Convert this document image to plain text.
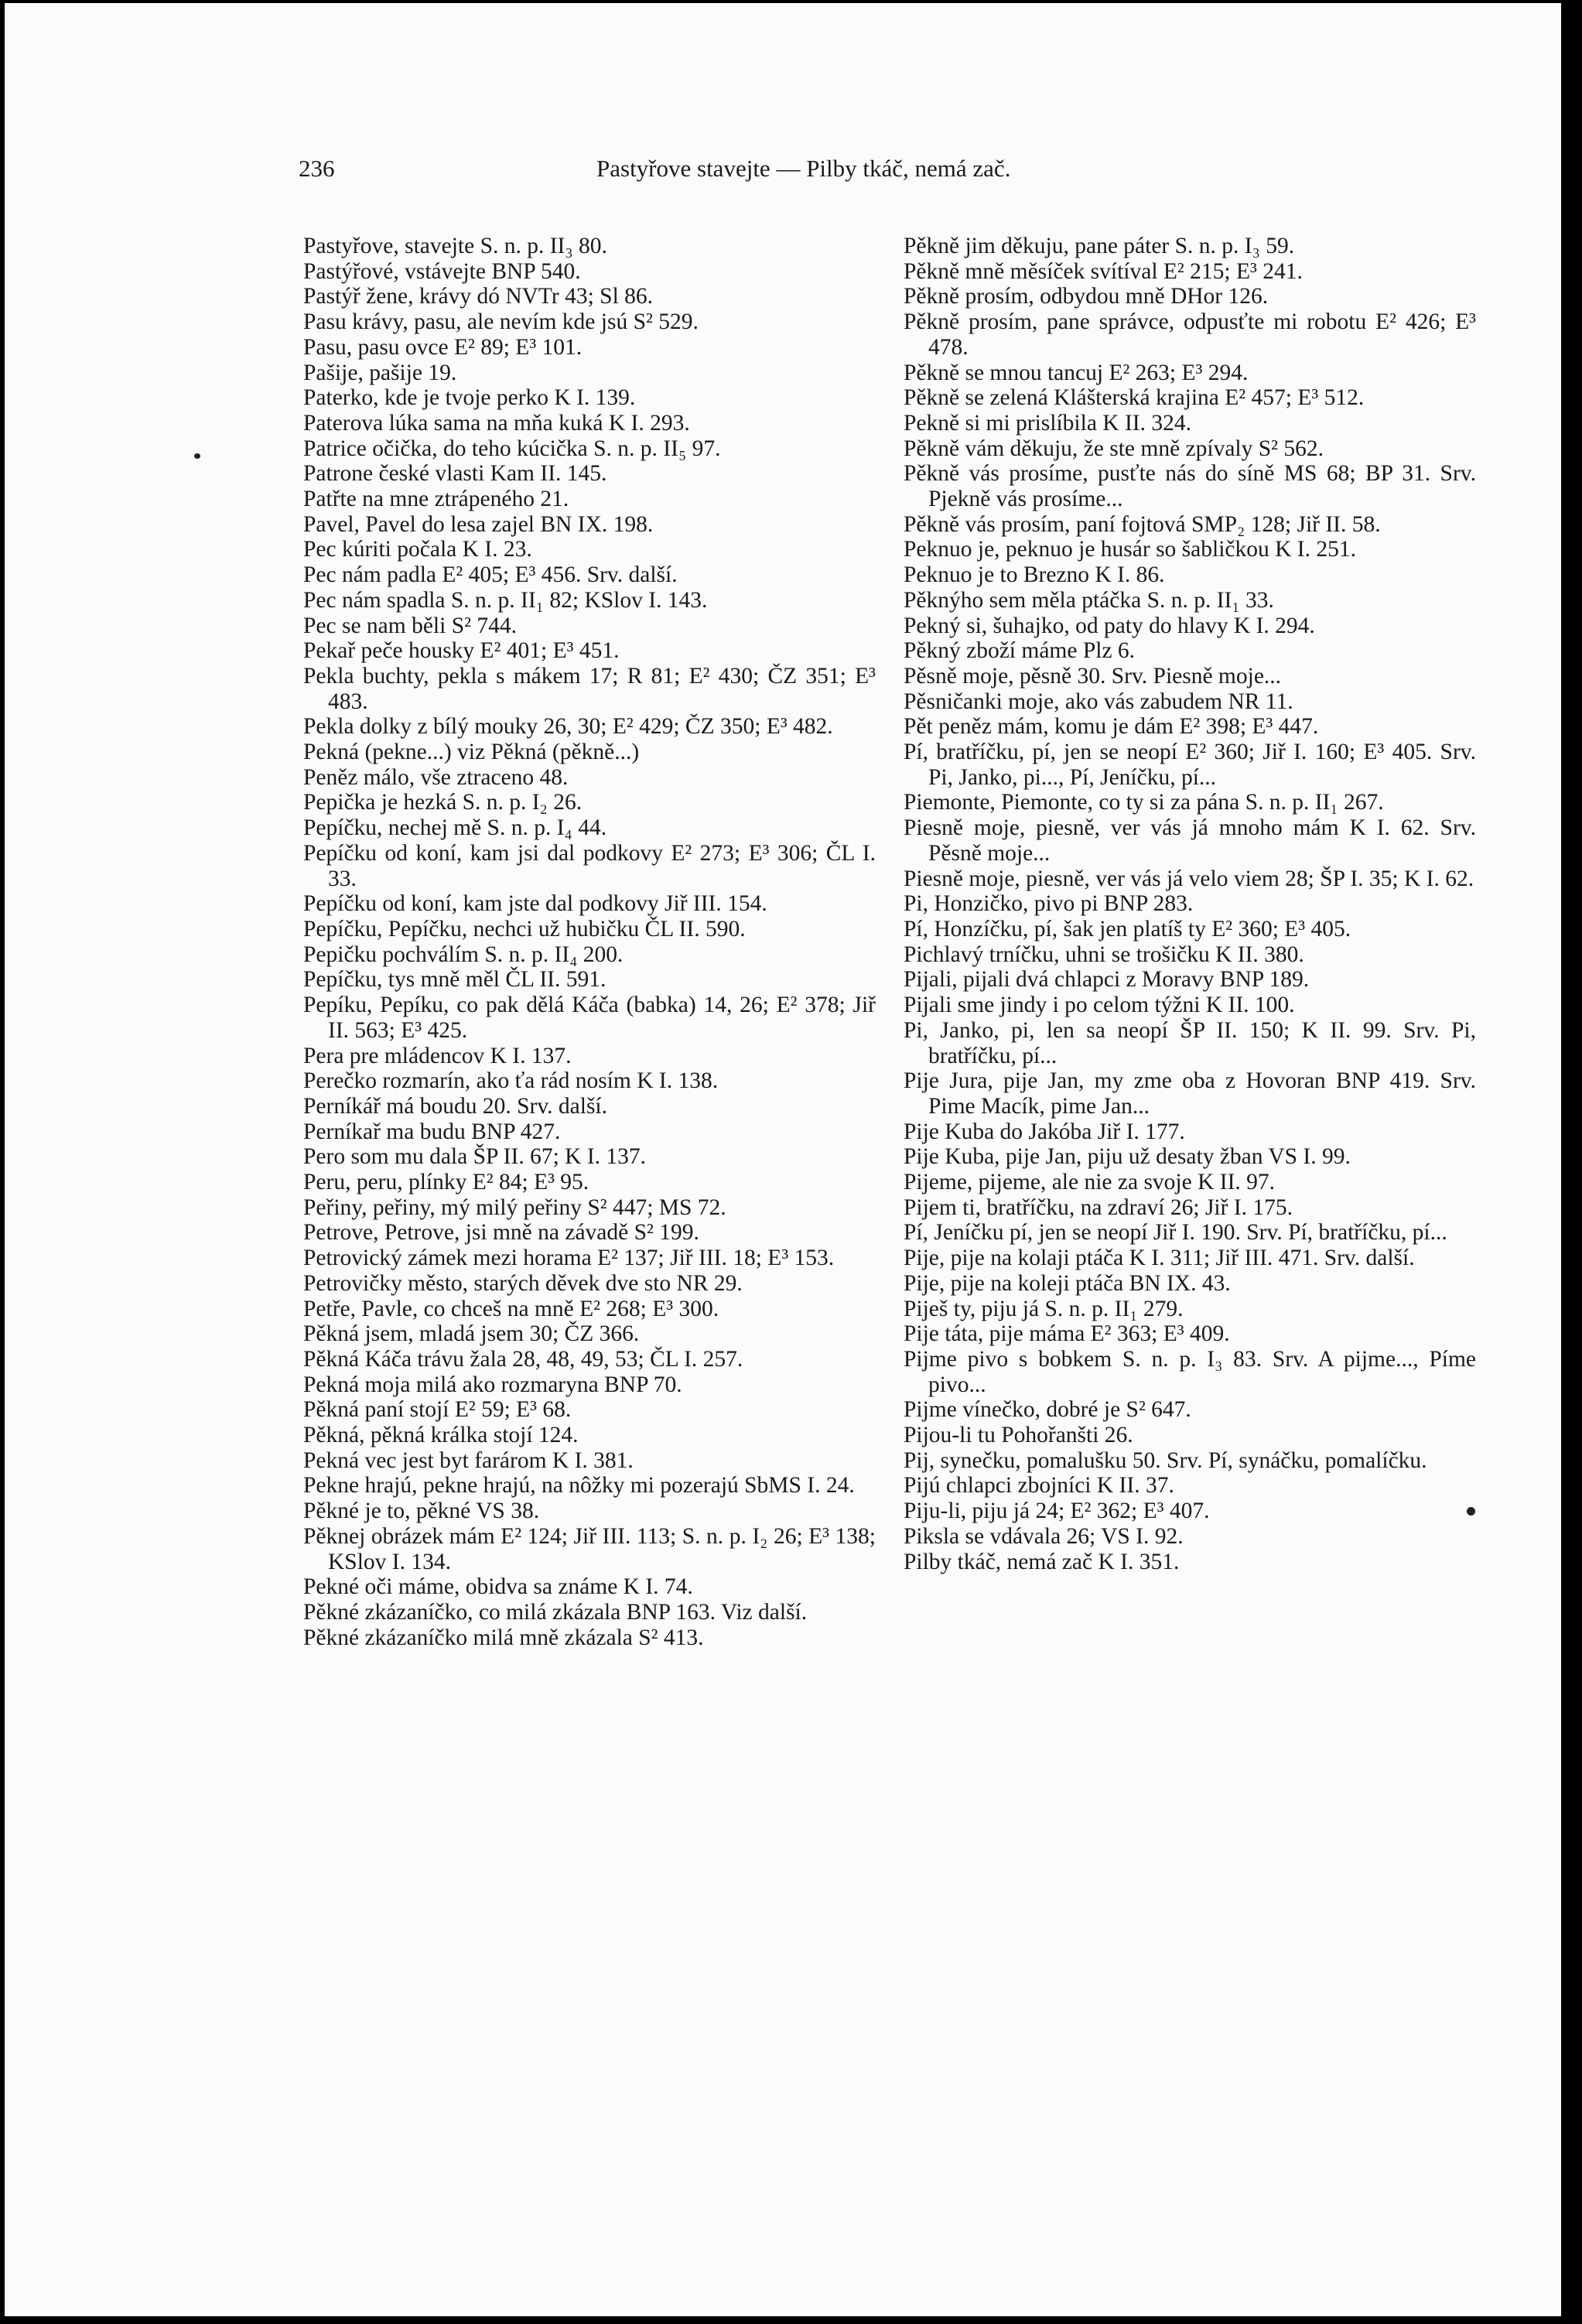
236	Pastyřove stavejte — Pilby tkáč, nemá zač.
Pastyřove, stavejte S. n. p. II₃ 80.
Pastýřové, vstávejte BNP 540.
Pastýř žene, krávy dó NVTr 43; Sl 86.
Pasu krávy, pasu, ale nevím kde jsú S² 529.
Pasu, pasu ovce E² 89; E³ 101.
Pašije, pašije 19.
Paterko, kde je tvoje perko K I. 139.
Paterova lúka sama na mňa kuká K I. 293.
Patrice očička, do teho kúcička S. n. p. II₅ 97.
Patrone české vlasti Kam II. 145.
Patřte na mne ztrápeného 21.
Pavel, Pavel do lesa zajel BN IX. 198.
Pec kúriti počala K I. 23.
Pec nám padla E² 405; E³ 456. Srv. další.
Pec nám spadla S. n. p. II₁ 82; KSlov I. 143.
Pec se nam běli S² 744.
Pekař peče housky E² 401; E³ 451.
Pekla buchty, pekla s mákem 17; R 81; E² 430; ČZ 351; E³ 483.
Pekla dolky z bílý mouky 26, 30; E² 429; ČZ 350; E³ 482.
Pekná (pekne...) viz Pěkná (pěkně...)
Peněz málo, vše ztraceno 48.
Pepička je hezká S. n. p. I₂ 26.
Pepíčku, nechej mě S. n. p. I₄ 44.
Pepíčku od koní, kam jsi dal podkovy E² 273; E³ 306; ČL I. 33.
Pepíčku od koní, kam jste dal podkovy Jiř III. 154.
Pepíčku, Pepíčku, nechci už hubičku ČL II. 590.
Pepičku pochválím S. n. p. II₄ 200.
Pepíčku, tys mně měl ČL II. 591.
Pepíku, Pepíku, co pak dělá Káča (babka) 14, 26; E² 378; Jiř II. 563; E³ 425.
Pera pre mládencov K I. 137.
Perečko rozmarín, ako ťa rád nosím K I. 138.
Perníkář má boudu 20. Srv. další.
Perníkař ma budu BNP 427.
Pero som mu dala ŠP II. 67; K I. 137.
Peru, peru, plínky E² 84; E³ 95.
Peřiny, peřiny, mý milý peřiny S² 447; MS 72.
Petrove, Petrove, jsi mně na závadě S² 199.
Petrovický zámek mezi horama E² 137; Jiř III. 18; E³ 153.
Petrovičky město, starých děvek dve sto NR 29.
Petře, Pavle, co chceš na mně E² 268; E³ 300.
Pěkná jsem, mladá jsem 30; ČZ 366.
Pěkná Káča trávu žala 28, 48, 49, 53; ČL I. 257.
Pekná moja milá ako rozmaryna BNP 70.
Pěkná paní stojí E² 59; E³ 68.
Pěkná, pěkná králka stojí 124.
Pekná vec jest byt farárom K I. 381.
Pekne hrajú, pekne hrajú, na nôžky mi pozerajú SbMS I. 24.
Pěkné je to, pěkné VS 38.
Pěknej obrázek mám E² 124; Jiř III. 113; S. n. p. I₂ 26; E³ 138; KSlov I. 134.
Pekné oči máme, obidva sa známe K I. 74.
Pěkné zkázaníčko, co milá zkázala BNP 163. Viz další.
Pěkné zkázaníčko milá mně zkázala S² 413.
Pěkně jim děkuju, pane páter S. n. p. I₃ 59.
Pěkně mně měsíček svítíval E² 215; E³ 241.
Pěkně prosím, odbydou mně DHor 126.
Pěkně prosím, pane správce, odpusťte mi robotu E² 426; E³ 478.
Pěkně se mnou tancuj E² 263; E³ 294.
Pěkně se zelená Klášterská krajina E² 457; E³ 512.
Pekně si mi prislíbila K II. 324.
Pěkně vám děkuju, že ste mně zpívaly S² 562.
Pěkně vás prosíme, pusťte nás do síně MS 68; BP 31. Srv. Pjekně vás prosíme...
Pěkně vás prosím, paní fojtová SMP₂ 128; Jiř II. 58.
Peknuo je, peknuo je husár so šabličkou K I. 251.
Peknuo je to Brezno K I. 86.
Pěknýho sem měla ptáčka S. n. p. II₁ 33.
Pekný si, šuhajko, od paty do hlavy K I. 294.
Pěkný zboží máme Plz 6.
Pěsně moje, pěsně 30. Srv. Piesně moje...
Pěsničanki moje, ako vás zabudem NR 11.
Pět peněz mám, komu je dám E² 398; E³ 447.
Pí, bratříčku, pí, jen se neopí E² 360; Jiř I. 160; E³ 405. Srv. Pi, Janko, pi..., Pí, Jeníčku, pí...
Piemonte, Piemonte, co ty si za pána S. n. p. II₁ 267.
Piesně moje, piesně, ver vás já mnoho mám K I. 62. Srv. Pěsně moje...
Piesně moje, piesně, ver vás já velo viem 28; ŠP I. 35; K I. 62.
Pi, Honzičko, pivo pi BNP 283.
Pí, Honzíčku, pí, šak jen platíš ty E² 360; E³ 405.
Pichlavý trníčku, uhni se trošičku K II. 380.
Pijali, pijali dvá chlapci z Moravy BNP 189.
Pijali sme jindy i po celom týžni K II. 100.
Pi, Janko, pi, len sa neopí ŠP II. 150; K II. 99. Srv. Pi, bratříčku, pí...
Pije Jura, pije Jan, my zme oba z Hovoran BNP 419. Srv. Pime Macík, pime Jan...
Pije Kuba do Jakóba Jiř I. 177.
Pije Kuba, pije Jan, piju už desaty žban VS I. 99.
Pijeme, pijeme, ale nie za svoje K II. 97.
Pijem ti, bratříčku, na zdraví 26; Jiř I. 175.
Pí, Jeníčku pí, jen se neopí Jiř I. 190. Srv. Pí, bratříčku, pí...
Pije, pije na kolaji ptáča K I. 311; Jiř III. 471. Srv. další.
Pije, pije na koleji ptáča BN IX. 43.
Piješ ty, piju já S. n. p. II₁ 279.
Pije táta, pije máma E² 363; E³ 409.
Pijme pivo s bobkem S. n. p. I₃ 83. Srv. A pijme..., Píme pivo...
Pijme vínečko, dobré je S² 647.
Pijou-li tu Pohořanšti 26.
Pij, synečku, pomalušku 50. Srv. Pí, synáčku, pomalíčku.
Pijú chlapci zbojníci K II. 37.
Piju-li, piju já 24; E² 362; E³ 407.
Piksla se vdávala 26; VS I. 92.
Pilby tkáč, nemá zač K I. 351.
